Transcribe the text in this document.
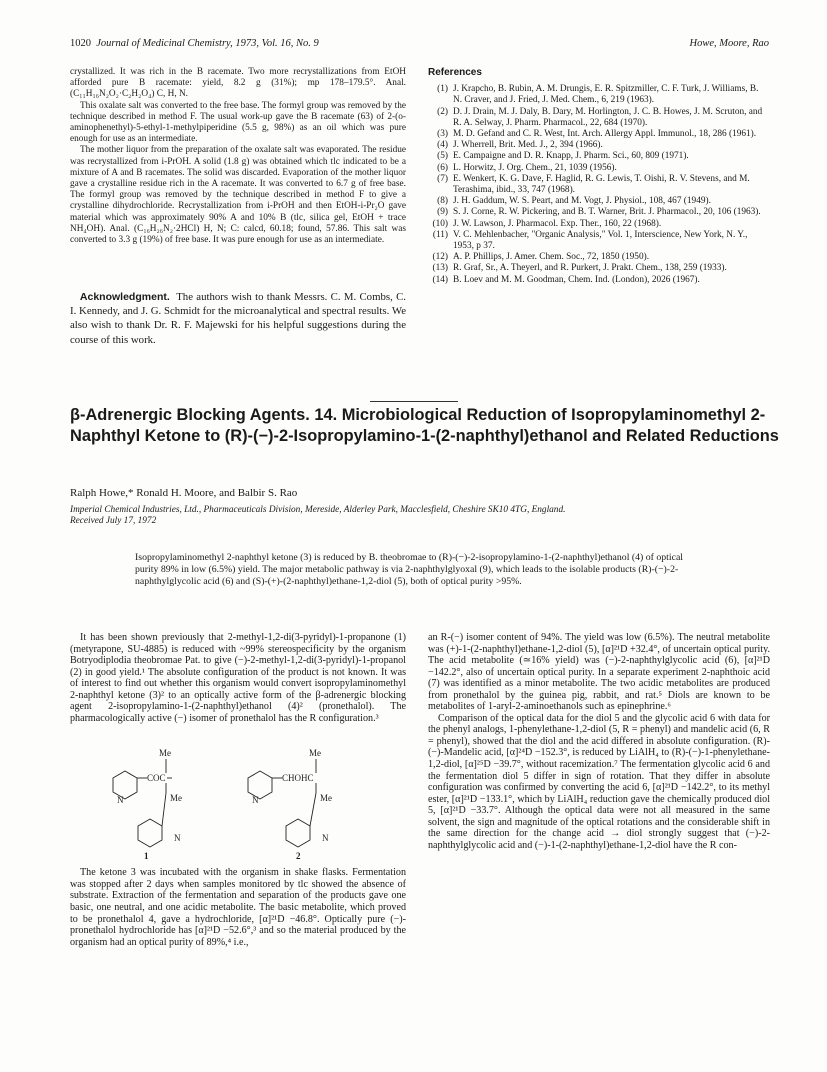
1020 Journal of Medicinal Chemistry, 1973, Vol. 16, No. 9	Howe, Moore, Rao

crystallized. It was rich in the B racemate. Two more recrystallizations from EtOH afforded pure B racemate: yield, 8.2 g (31%); mp 178–179.5°. Anal. (C₁₁H₁₆N₂O₂·C₂H₂O₄) C, H, N.

This oxalate salt was converted to the free base. The formyl group was removed by the technique described in method F. The usual work-up gave the B racemate (63) of 2-(o-aminophenethyl)-5-ethyl-1-methylpiperidine (5.5 g, 98%) as an oil which was pure enough for use as an intermediate.

The mother liquor from the preparation of the oxalate salt was evaporated. The residue was recrystallized from i-PrOH. A solid (1.8 g) was obtained which tlc indicated to be a mixture of A and B racemates. The solid was discarded. Evaporation of the mother liquor gave a crystalline residue rich in the A racemate. It was converted to 6.7 g of free base. The formyl group was removed by the technique described in method F to give a crystalline dihydrochloride. Recrystallization from i-PrOH and then EtOH-i-Pr₂O gave material which was approximately 90% A and 10% B (tlc, silica gel, EtOH + trace NH₄OH). Anal. (C₁₆H₂₆N₂·2HCl) H, N; C: calcd, 60.18; found, 57.86. This salt was converted to 3.3 g (19%) of free base. It was pure enough for use as an intermediate.

Acknowledgment. The authors wish to thank Messrs. C. M. Combs, C. I. Kennedy, and J. G. Schmidt for the microanalytical and spectral results. We also wish to thank Dr. R. F. Majewski for his helpful suggestions during the course of this work.
References
(1) J. Krapcho, B. Rubin, A. M. Drungis, E. R. Spitzmiller, C. F. Turk, J. Williams, B. N. Craver, and J. Fried, J. Med. Chem., 6, 219 (1963).
(2) D. J. Drain, M. J. Daly, B. Dary, M. Horlington, J. C. B. Howes, J. M. Scruton, and R. A. Selway, J. Pharm. Pharmacol., 22, 684 (1970).
(3) M. D. Gefand and C. R. West, Int. Arch. Allergy Appl. Immunol., 18, 286 (1961).
(4) J. Wherrell, Brit. Med. J., 2, 394 (1966).
(5) E. Campaigne and D. R. Knapp, J. Pharm. Sci., 60, 809 (1971).
(6) L. Horwitz, J. Org. Chem., 21, 1039 (1956).
(7) E. Wenkert, K. G. Dave, F. Haglid, R. G. Lewis, T. Oishi, R. V. Stevens, and M. Terashima, ibid., 33, 747 (1968).
(8) J. H. Gaddum, W. S. Peart, and M. Vogt, J. Physiol., 108, 467 (1949).
(9) S. J. Corne, R. W. Pickering, and B. T. Warner, Brit. J. Pharmacol., 20, 106 (1963).
(10) J. W. Lawson, J. Pharmacol. Exp. Ther., 160, 22 (1968).
(11) V. C. Mehlenbacher, "Organic Analysis," Vol. 1, Interscience, New York, N. Y., 1953, p 37.
(12) A. P. Phillips, J. Amer. Chem. Soc., 72, 1850 (1950).
(13) R. Graf, Sr., A. Theyerl, and R. Purkert, J. Prakt. Chem., 138, 259 (1933).
(14) B. Loev and M. M. Goodman, Chem. Ind. (London), 2026 (1967).
β-Adrenergic Blocking Agents. 14. Microbiological Reduction of Isopropylaminomethyl 2-Naphthyl Ketone to (R)-(−)-2-Isopropylamino-1-(2-naphthyl)ethanol and Related Reductions
Ralph Howe,* Ronald H. Moore, and Balbir S. Rao
Imperial Chemical Industries, Ltd., Pharmaceuticals Division, Mereside, Alderley Park, Macclesfield, Cheshire SK10 4TG, England.
Received July 17, 1972
Isopropylaminomethyl 2-naphthyl ketone (3) is reduced by B. theobromae to (R)-(−)-2-isopropylamino-1-(2-naphthyl)ethanol (4) of optical purity 89% in low (6.5%) yield. The major metabolic pathway is via 2-naphthylglyoxal (9), which leads to the isolable products (R)-(−)-2-naphthylglycolic acid (6) and (S)-(+)-(2-naphthyl)ethane-1,2-diol (5), both of optical purity >95%.

It has been shown previously that 2-methyl-1,2-di(3-pyridyl)-1-propanone (1) (metyrapone, SU-4885) is reduced with ~99% stereospecificity by the organism Botryodiplodia theobromae Pat. to give (−)-2-methyl-1,2-di(3-pyridyl)-1-propanol (2) in good yield.¹ The absolute configuration of the product is not known. It was of interest to find out whether this organism would convert isopropylaminomethyl 2-naphthyl ketone (3)² to an optically active form of the β-adrenergic blocking agent 2-isopropylamino-1-(2-naphthyl)ethanol (4)² (pronethalol). The pharmacologically active (−) isomer of pronethalol has the R configuration.³

COC
Me
Me
N
N
CHOHC
Me
Me
N
N
1	2

The ketone 3 was incubated with the organism in shake flasks. Fermentation was stopped after 2 days when samples monitored by tlc showed the absence of substrate. Extraction of the fermentation and separation of the products gave one basic, one neutral, and one acidic metabolite. The basic metabolite, which proved to be pronethalol 4, gave a hydrochloride, [α]²¹D −46.8°. Optically pure (−)-pronethalol hydrochloride has [α]²¹D −52.6°,³ and so the material produced by the organism had an optical purity of 89%,⁴ i.e.,

an R-(−) isomer content of 94%. The yield was low (6.5%). The neutral metabolite was (+)-1-(2-naphthyl)ethane-1,2-diol (5), [α]²¹D +32.4°, of uncertain optical purity. The acid metabolite (≃16% yield) was (−)-2-naphthylglycolic acid (6), [α]²¹D −142.2°, also of uncertain optical purity. In a separate experiment 2-naphthoic acid (7) was identified as a minor metabolite. The two acidic metabolites are produced from pronethalol by the guinea pig, rabbit, and rat.⁵ Diols are known to be metabolites of 1-aryl-2-aminoethanols such as epinephrine.⁶

Comparison of the optical data for the diol 5 and the glycolic acid 6 with data for the phenyl analogs, 1-phenylethane-1,2-diol (5, R = phenyl) and mandelic acid (6, R = phenyl), showed that the diol and the acid differed in absolute configuration. (R)-(−)-Mandelic acid, [α]²⁴D −152.3°, is reduced by LiAlH₄ to (R)-(−)-1-phenylethane-1,2-diol, [α]²⁵D −39.7°, without racemization.⁷ The fermentation glycolic acid 6 and the fermentation diol 5 differ in sign of rotation. That they differ in absolute configuration was confirmed by converting the acid 6, [α]²¹D −142.2°, to its methyl ester, [α]²¹D −133.1°, which by LiAlH₄ reduction gave the chemically produced diol 5, [α]²¹D −33.7°. Although the optical data were not all measured in the same solvent, the sign and magnitude of the optical rotations and the considerable shift in the same direction for the change acid → diol strongly suggest that (−)-2-naphthylglycolic acid and (−)-1-(2-naphthyl)ethane-1,2-diol have the R con-
